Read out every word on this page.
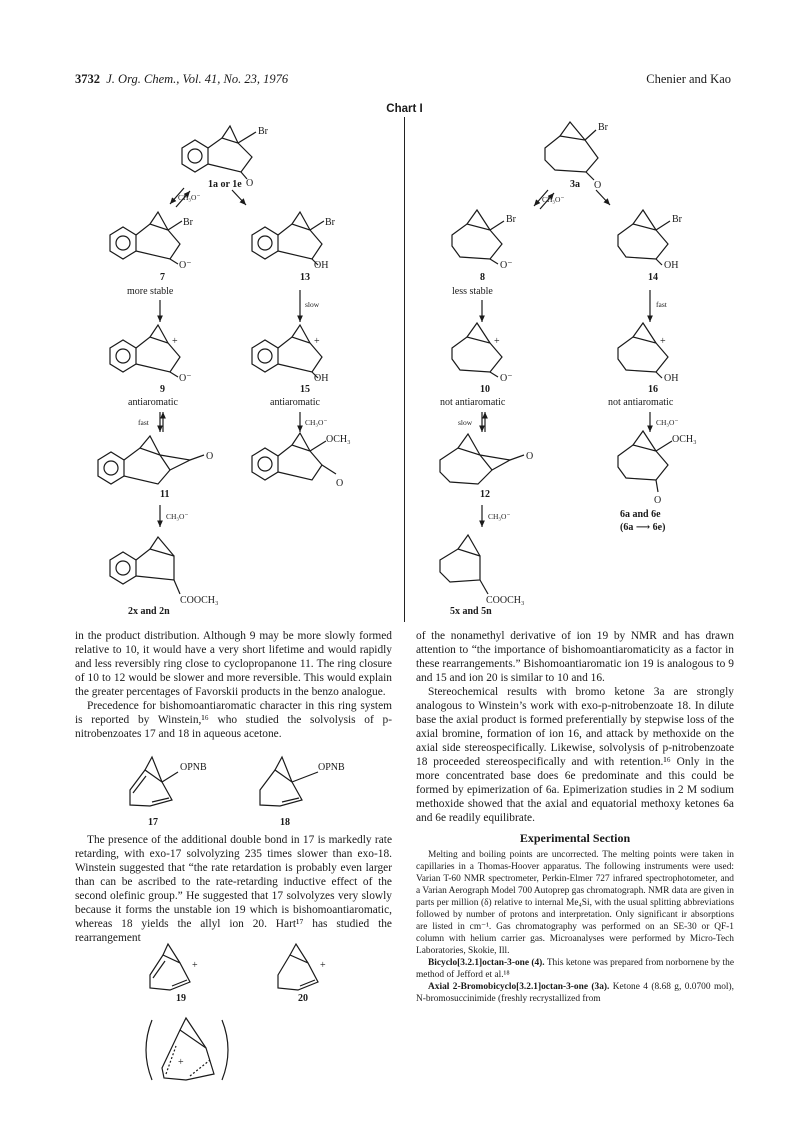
3732 J. Org. Chem., Vol. 41, No. 23, 1976	Chenier and Kao
Chart I
Br
O
1a or 1e
CH₃O⁻
Br
O⁻
7
more stable
Br
OH
13
slow
+
O⁻
9
antiaromatic
fast
+
OH
15
antiaromatic
CH₃O⁻
O
11
CH₃O⁻
OCH₃
O
COOCH₃
2x and 2n
Br
O
3a
CH₃O⁻
Br
O⁻
8
less stable
Br
OH
14
fast
+
O⁻
10
not antiaromatic
slow
+
OH
16
not antiaromatic
CH₃O⁻
O
12
CH₃O⁻
OCH₃
O
6a and 6e
(6a ⟶ 6e)
COOCH₃
5x and 5n
OPNB
17
OPNB
18
+
19
+
20
+

in the product distribution. Although 9 may be more slowly formed relative to 10, it would have a very short lifetime and would rapidly and less reversibly ring close to cyclopropanone 11. The ring closure of 10 to 12 would be slower and more reversible. This would explain the greater percentages of Favorskii products in the benzo analogue.

Precedence for bishomoantiaromatic character in this ring system is reported by Winstein,¹⁶ who studied the solvolysis of p-nitrobenzoates 17 and 18 in aqueous acetone.

The presence of the additional double bond in 17 is markedly rate retarding, with exo-17 solvolyzing 235 times slower than exo-18. Winstein suggested that “the rate retardation is probably even larger than can be ascribed to the rate-retarding inductive effect of the second olefinic group.” He suggested that 17 solvolyzes very slowly because it forms the unstable ion 19 which is bishomoantiaromatic, whereas 18 yields the allyl ion 20. Hart¹⁷ has studied the rearrangement

of the nonamethyl derivative of ion 19 by NMR and has drawn attention to “the importance of bishomoantiaromaticity as a factor in these rearrangements.” Bishomoantiaromatic ion 19 is analogous to 9 and 15 and ion 20 is similar to 10 and 16.

Stereochemical results with bromo ketone 3a are strongly analogous to Winstein’s work with exo-p-nitrobenzoate 18. In dilute base the axial product is formed preferentially by stepwise loss of the axial bromine, formation of ion 16, and attack by methoxide on the axial side stereospecifically. Likewise, solvolysis of p-nitrobenzoate 18 proceeded stereospecifically and with retention.¹⁶ Only in the more concentrated base does 6e predominate and this could be formed by epimerization of 6a. Epimerization studies in 2 M sodium methoxide showed that the axial and equatorial methoxy ketones 6a and 6e readily equilibrate.

Experimental Section

Melting and boiling points are uncorrected. The melting points were taken in capillaries in a Thomas-Hoover apparatus. The following instruments were used: Varian T-60 NMR spectrometer, Perkin-Elmer 727 infrared spectrophotometer, and a Varian Aerograph Model 700 Autoprep gas chromatograph. NMR data are given in parts per million (δ) relative to internal Me₄Si, with the usual splitting abbreviations followed by number of protons and interpretation. Only significant ir absorptions are listed in cm⁻¹. Gas chromatography was performed on an SE-30 or QF-1 column with helium carrier gas. Microanalyses were performed by Micro-Tech Laboratories, Skokie, Ill.

Bicyclo[3.2.1]octan-3-one (4). This ketone was prepared from norbornene by the method of Jefford et al.¹⁸

Axial 2-Bromobicyclo[3.2.1]octan-3-one (3a). Ketone 4 (8.68 g, 0.0700 mol), N-bromosuccinimide (freshly recrystallized from
